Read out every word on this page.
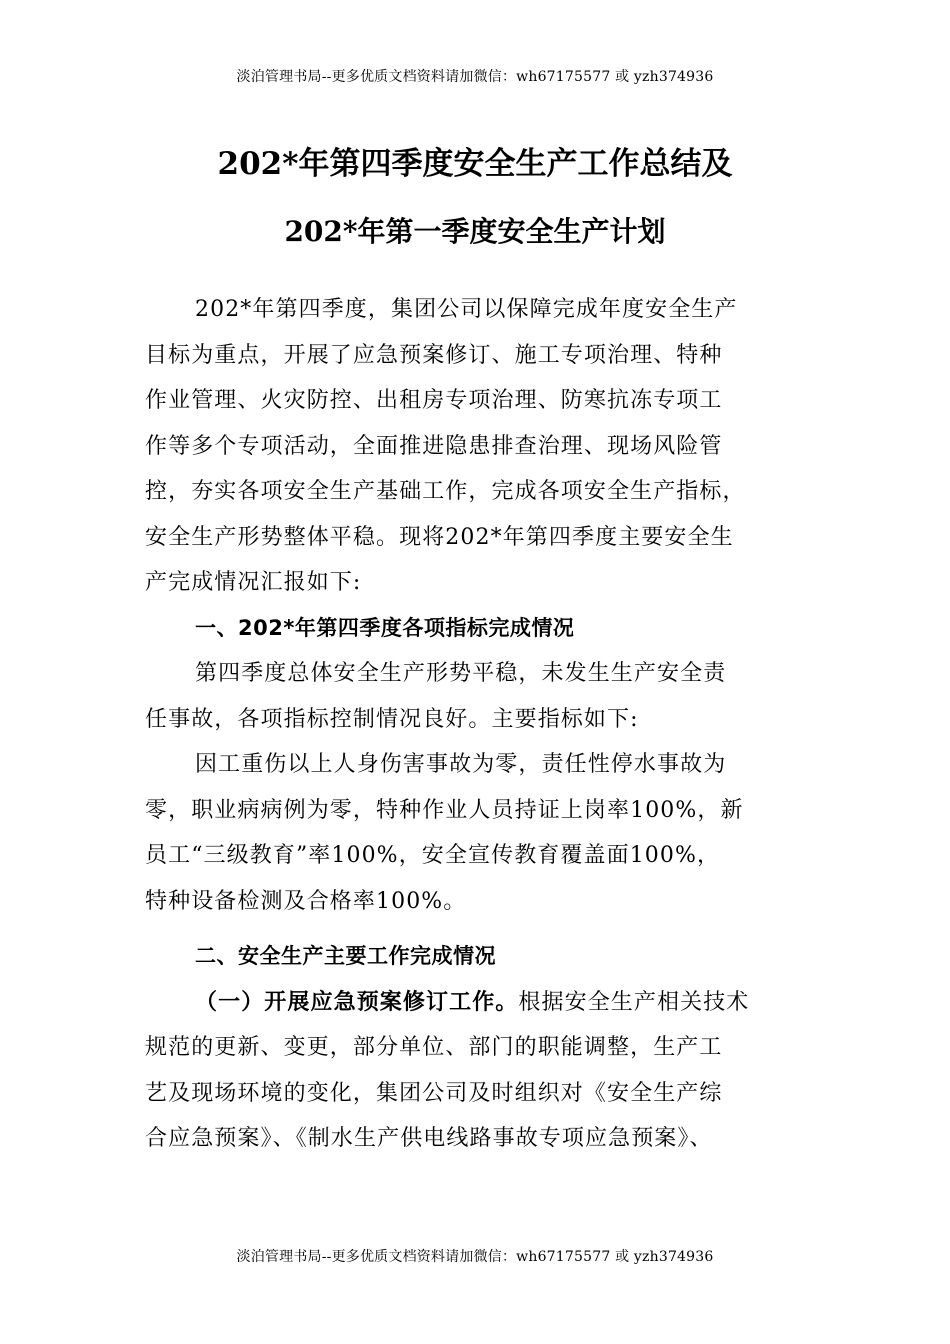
淡泊管理书局--更多优质文档资料请加微信：wh67175577 或 yzh374936
202*年第四季度安全生产工作总结及
202*年第一季度安全生产计划
202*年第四季度，集团公司以保障完成年度安全生产
目标为重点，开展了应急预案修订、施工专项治理、特种
作业管理、火灾防控、出租房专项治理、防寒抗冻专项工
作等多个专项活动，全面推进隐患排查治理、现场风险管
控，夯实各项安全生产基础工作，完成各项安全生产指标，
安全生产形势整体平稳。现将202*年第四季度主要安全生
产完成情况汇报如下:
一、202*年第四季度各项指标完成情况
第四季度总体安全生产形势平稳，未发生生产安全责
任事故，各项指标控制情况良好。主要指标如下:
因工重伤以上人身伤害事故为零，责任性停水事故为
零，职业病病例为零，特种作业人员持证上岗率100%，新
员工“三级教育”率100%，安全宣传教育覆盖面100%，
特种设备检测及合格率100%。
二、安全生产主要工作完成情况
（一）开展应急预案修订工作。根据安全生产相关技术
规范的更新、变更，部分单位、部门的职能调整，生产工
艺及现场环境的变化，集团公司及时组织对《安全生产综
合应急预案》、《制水生产供电线路事故专项应急预案》、
淡泊管理书局--更多优质文档资料请加微信：wh67175577 或 yzh374936
